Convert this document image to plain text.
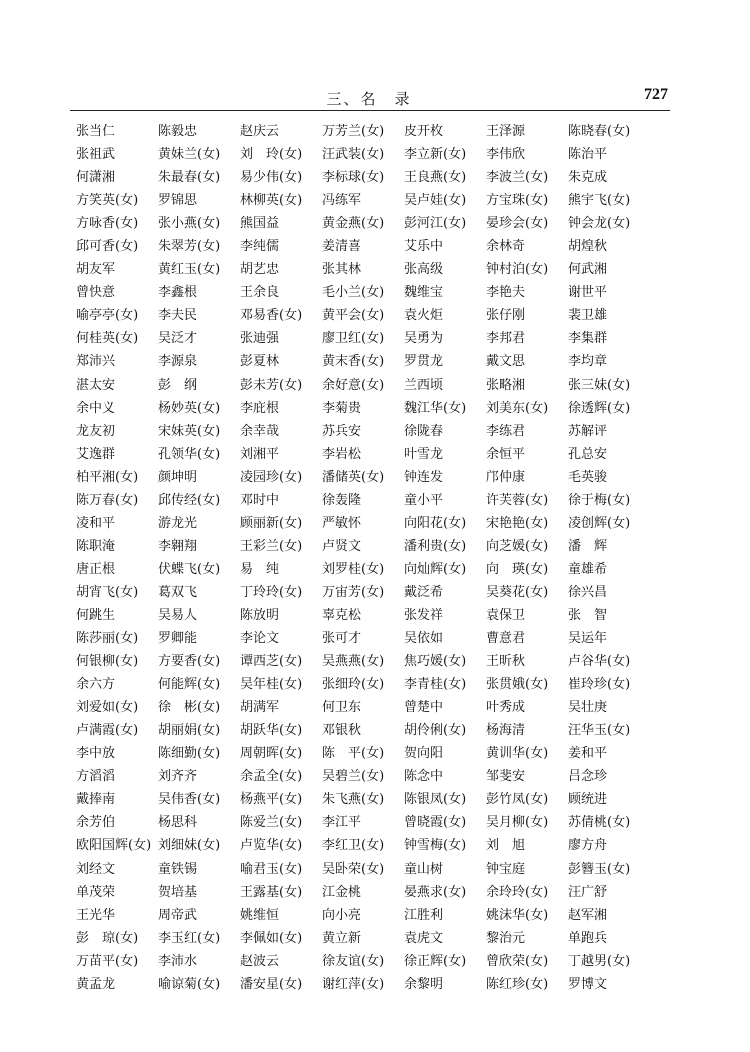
三、名　录	727
张当仁	陈毅忠	赵庆云	万芳兰(女)	皮开枚	王泽源	陈晓春(女)
张祖武	黄妹兰(女)	刘　玲(女)	汪武装(女)	李立新(女)	李伟欣	陈治平
何潇湘	朱最春(女)	易少伟(女)	李标球(女)	王良燕(女)	李波兰(女)	朱克成
方笑英(女)	罗锦思	林柳英(女)	冯练军	吴卢娃(女)	方宝珠(女)	熊宇飞(女)
方咏香(女)	张小燕(女)	熊国益	黄金燕(女)	彭河江(女)	晏珍会(女)	钟会龙(女)
邱可香(女)	朱翠芳(女)	李纯儒	姜清喜	艾乐中	余林奇	胡煌秋
胡友军	黄红玉(女)	胡艺忠	张其林	张高级	钟村泊(女)	何武湘
曾快意	李鑫根	王余良	毛小兰(女)	魏维宝	李艳夫	谢世平
喻亭亭(女)	李夫民	邓易香(女)	黄平会(女)	袁火炬	张仔刚	裴卫雄
何桂英(女)	吴泛才	张迪强	廖卫红(女)	吴勇为	李邦君	李集群
郑沛兴	李源泉	彭夏林	黄末香(女)	罗贯龙	戴文思	李均章
湛太安	彭　纲	彭未芳(女)	余好意(女)	兰西顷	张略湘	张三妹(女)
余中义	杨妙英(女)	李庇根	李菊贵	魏江华(女)	刘美东(女)	徐透辉(女)
龙友初	宋妹英(女)	余幸哉	苏兵安	徐陇春	李练君	苏解评
艾逸群	孔领华(女)	刘湘平	李岩松	叶雪龙	余恒平	孔总安
柏平湘(女)	颜坤明	凌园珍(女)	潘储英(女)	钟连发	邝仲康	毛英骏
陈万春(女)	邱传经(女)	邓时中	徐轰隆	童小平	许芙蓉(女)	徐于梅(女)
凌和平	游龙光	顾丽新(女)	严敏怀	向阳花(女)	宋艳艳(女)	凌创辉(女)
陈职淹	李翱翔	王彩兰(女)	卢贤文	潘利贵(女)	向芝媛(女)	潘　辉
唐正根	伏蝶飞(女)	易　纯	刘罗桂(女)	向灿辉(女)	向　瑛(女)	童雄希
胡宵飞(女)	葛双飞	丁玲玲(女)	万宙芳(女)	戴泛希	吴葵花(女)	徐兴昌
何跳生	吴易人	陈放明	辜克松	张发祥	袁保卫	张　智
陈莎丽(女)	罗卿能	李论文	张可才	吴依如	曹意君	吴运年
何银柳(女)	方要香(女)	谭西芝(女)	吴燕燕(女)	焦巧媛(女)	王昕秋	卢谷华(女)
余六方	何能辉(女)	吴年桂(女)	张细玲(女)	李青桂(女)	张贯娥(女)	崔玲珍(女)
刘爱如(女)	徐　彬(女)	胡满军	何卫东	曾楚中	叶秀成	吴壮庚
卢满霞(女)	胡丽娟(女)	胡跃华(女)	邓银秋	胡伶俐(女)	杨海清	汪华玉(女)
李中放	陈细勤(女)	周朝晖(女)	陈　平(女)	贺向阳	黄训华(女)	姜和平
方滔滔	刘齐齐	余孟全(女)	吴碧兰(女)	陈念中	邹斐安	吕念珍
戴捧南	吴伟香(女)	杨燕平(女)	朱飞燕(女)	陈银凤(女)	彭竹凤(女)	顾统进
余芳伯	杨思科	陈爱兰(女)	李江平	曾晓霞(女)	吴月柳(女)	苏倩桃(女)
欧阳国辉(女) 刘细妹(女)	卢览华(女)	李红卫(女)	钟雪梅(女)	刘　旭	廖方舟
刘经文	童铁锡	喻君玉(女)	吴卧荣(女)	童山树	钟宝庭	彭簪玉(女)
单茂荣	贺培基	王露基(女)	江金桃	晏燕求(女)	余玲玲(女)	汪广舒
王光华	周帝武	姚维恒	向小亮	江胜利	姚沫华(女)	赵军湘
彭　琼(女)	李玉红(女)	李佩如(女)	黄立新	袁虎文	黎治元	单跑兵
万苗平(女)	李沛水	赵波云	徐友谊(女)	徐正辉(女)	曾欣荣(女)	丁越男(女)
黄孟龙	喻谅菊(女)	潘安星(女)	谢红萍(女)	余黎明	陈红珍(女)	罗博文
